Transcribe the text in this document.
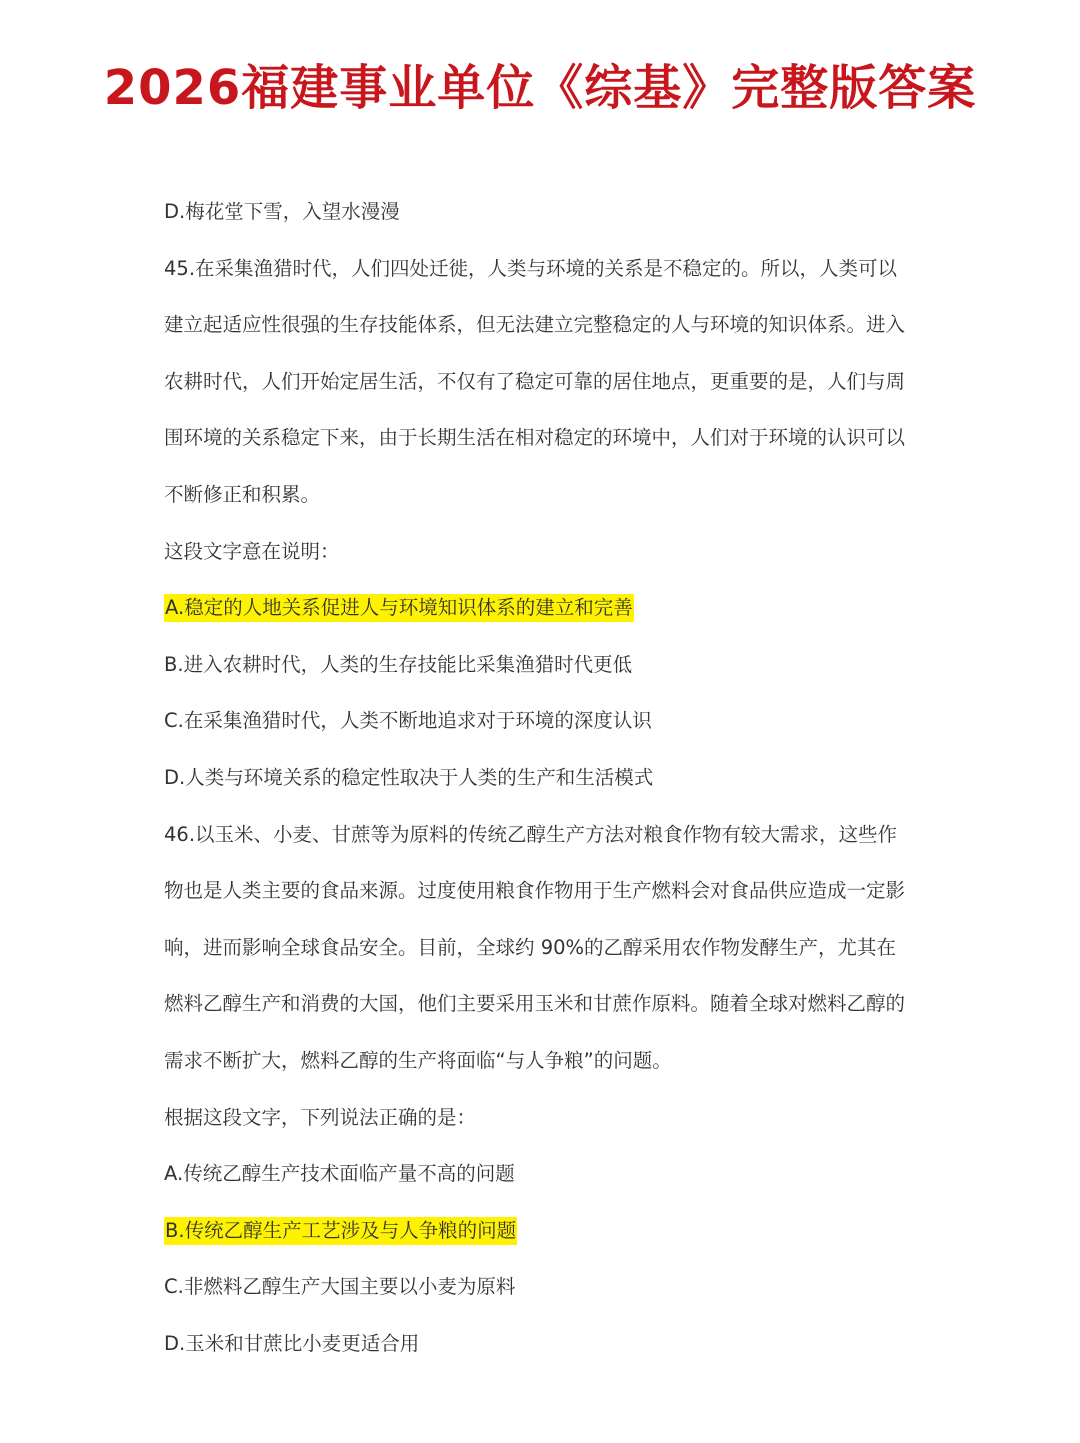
2026福建事业单位《综基》完整版答案
D.梅花堂下雪，入望水漫漫
45.在采集渔猎时代，人们四处迁徙，人类与环境的关系是不稳定的。所以，人类可以
建立起适应性很强的生存技能体系，但无法建立完整稳定的人与环境的知识体系。进入
农耕时代，人们开始定居生活，不仅有了稳定可靠的居住地点，更重要的是，人们与周
围环境的关系稳定下来，由于长期生活在相对稳定的环境中，人们对于环境的认识可以
不断修正和积累。
这段文字意在说明：
A.稳定的人地关系促进人与环境知识体系的建立和完善
B.进入农耕时代，人类的生存技能比采集渔猎时代更低
C.在采集渔猎时代，人类不断地追求对于环境的深度认识
D.人类与环境关系的稳定性取决于人类的生产和生活模式
46.以玉米、小麦、甘蔗等为原料的传统乙醇生产方法对粮食作物有较大需求，这些作
物也是人类主要的食品来源。过度使用粮食作物用于生产燃料会对食品供应造成一定影
响，进而影响全球食品安全。目前，全球约 90%的乙醇采用农作物发酵生产，尤其在
燃料乙醇生产和消费的大国，他们主要采用玉米和甘蔗作原料。随着全球对燃料乙醇的
需求不断扩大，燃料乙醇的生产将面临“与人争粮”的问题。
根据这段文字，下列说法正确的是：
A.传统乙醇生产技术面临产量不高的问题
B.传统乙醇生产工艺涉及与人争粮的问题
C.非燃料乙醇生产大国主要以小麦为原料
D.玉米和甘蔗比小麦更适合用
